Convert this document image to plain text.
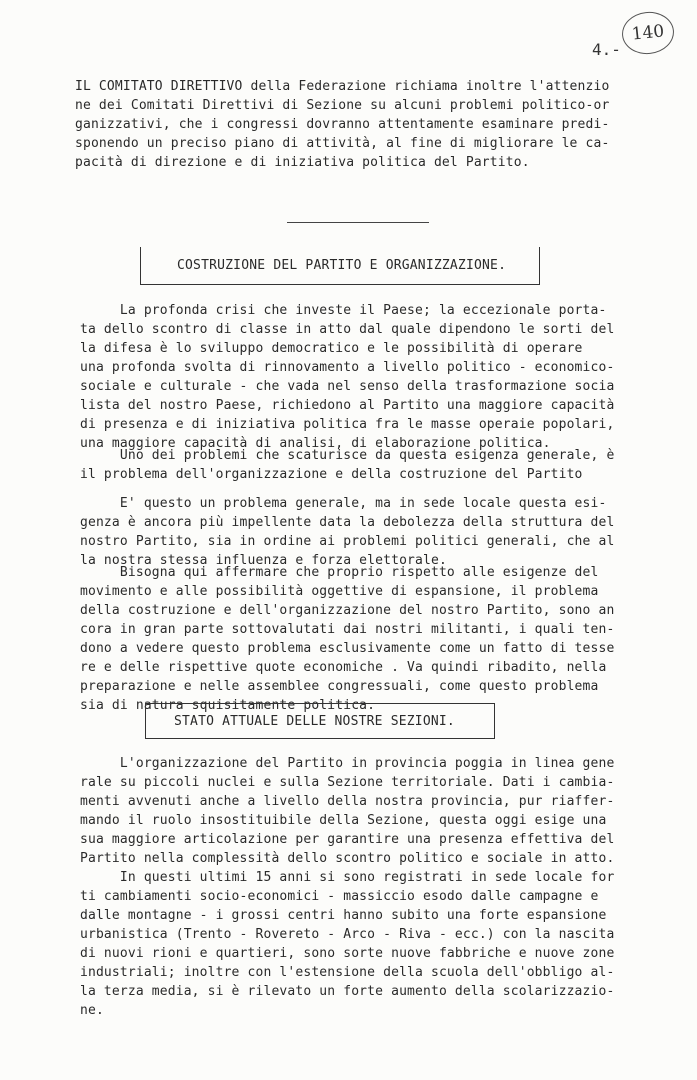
140
4.-

IL COMITATO DIRETTIVO della Federazione richiama inoltre l'attenzio
ne dei Comitati Direttivi di Sezione su alcuni problemi politico-or
ganizzativi, che i congressi dovranno attentamente esaminare predi-
sponendo un preciso piano di attività, al fine di migliorare le ca-
pacità di direzione e di iniziativa politica del Partito.

COSTRUZIONE DEL PARTITO E ORGANIZZAZIONE.

La profonda crisi che investe il Paese; la eccezionale porta-
ta dello scontro di classe in atto dal quale dipendono le sorti del
la difesa è lo sviluppo democratico e le possibilità di operare
una profonda svolta di rinnovamento a livello politico - economico-
sociale e culturale - che vada nel senso della trasformazione socia
lista del nostro Paese, richiedono al Partito una maggiore capacità
di presenza e di iniziativa politica fra le masse operaie popolari,
una maggiore capacità di analisi, di elaborazione politica.

Uno dei problemi che scaturisce da questa esigenza generale, è
il problema dell'organizzazione e della costruzione del Partito

E' questo un problema generale, ma in sede locale questa esi-
genza è ancora più impellente data la debolezza della struttura del
nostro Partito, sia in ordine ai problemi politici generali, che al
la nostra stessa influenza e forza elettorale.

Bisogna qui affermare che proprio rispetto alle esigenze del
movimento e alle possibilità oggettive di espansione, il problema
della costruzione e dell'organizzazione del nostro Partito, sono an
cora in gran parte sottovalutati dai nostri militanti, i quali ten-
dono a vedere questo problema esclusivamente come un fatto di tesse
re e delle rispettive quote economiche . Va quindi ribadito, nella
preparazione e nelle assemblee congressuali, come questo problema
sia di natura squisitamente politica.

STATO ATTUALE DELLE NOSTRE SEZIONI.

L'organizzazione del Partito in provincia poggia in linea gene
rale su piccoli nuclei e sulla Sezione territoriale. Dati i cambia-
menti avvenuti anche a livello della nostra provincia, pur riaffer-
mando il ruolo insostituibile della Sezione, questa oggi esige una
sua maggiore articolazione per garantire una presenza effettiva del
Partito nella complessità dello scontro politico e sociale in atto.

In questi ultimi 15 anni si sono registrati in sede locale for
ti cambiamenti socio-economici - massiccio esodo dalle campagne e
dalle montagne - i grossi centri hanno subito una forte espansione
urbanistica (Trento - Rovereto - Arco - Riva - ecc.) con la nascita
di nuovi rioni e quartieri, sono sorte nuove fabbriche e nuove zone
industriali; inoltre con l'estensione della scuola dell'obbligo al-
la terza media, si è rilevato un forte aumento della scolarizzazio-
ne.
